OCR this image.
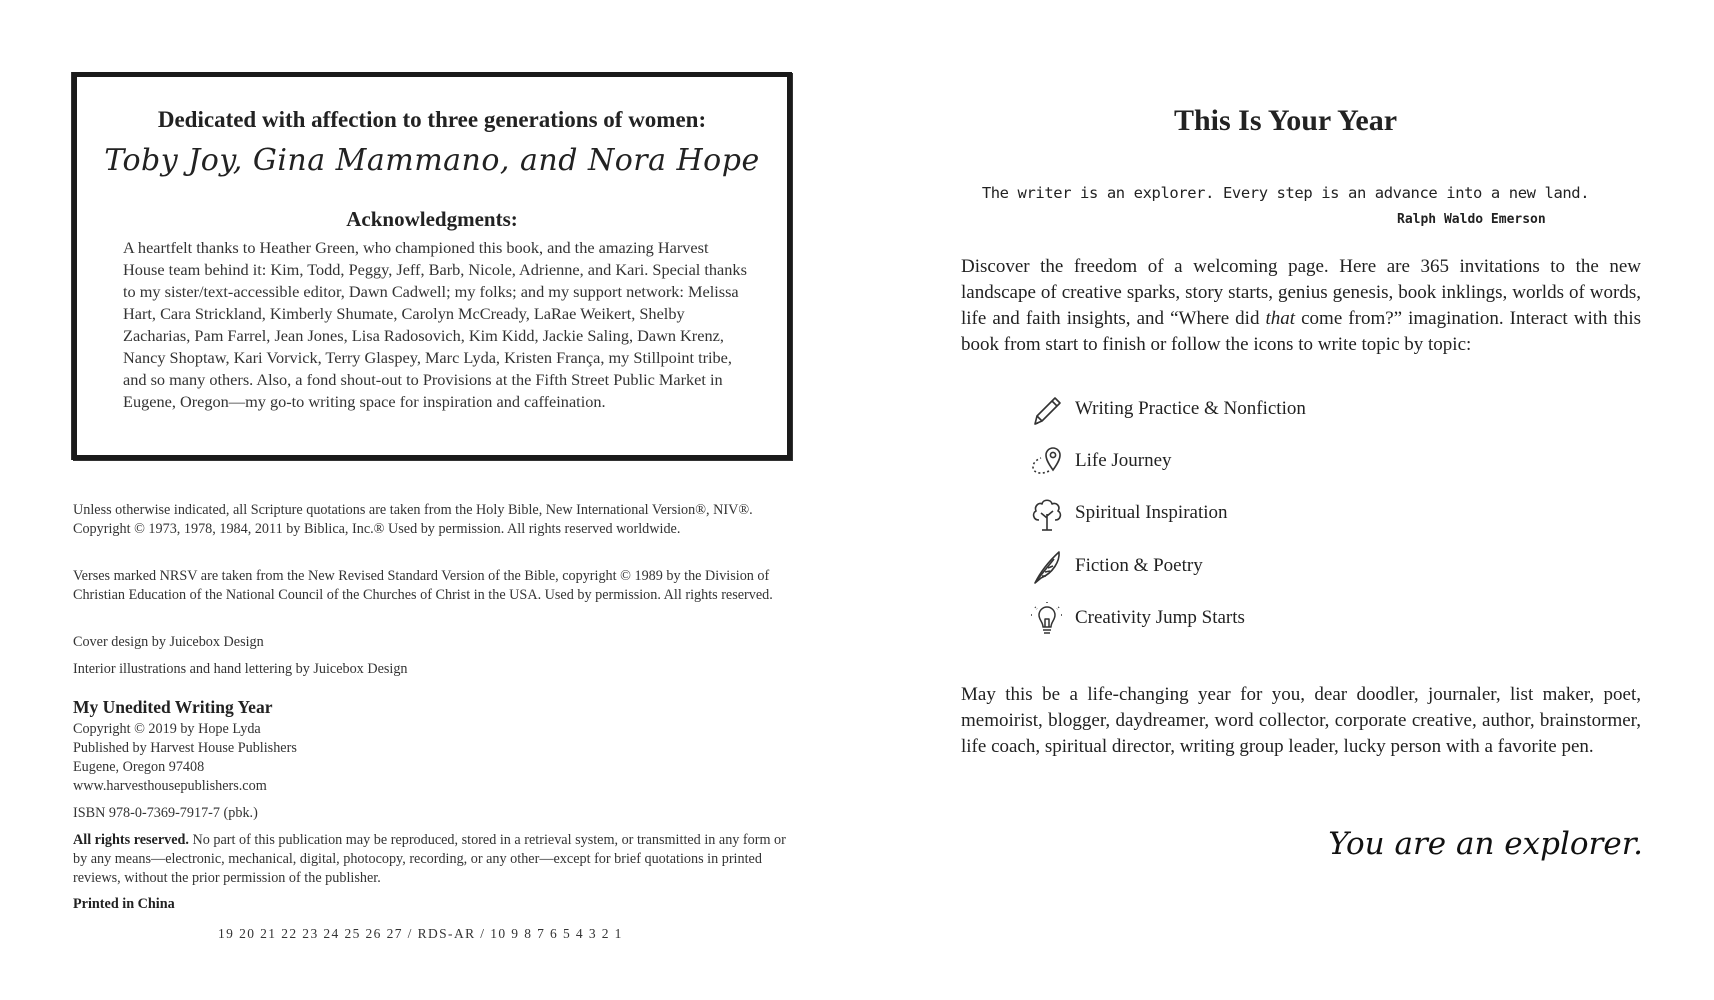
Dedicated with affection to three generations of women:
Toby Joy, Gina Mammano, and Nora Hope
Acknowledgments:
A heartfelt thanks to Heather Green, who championed this book, and the amazing Harvest House team behind it: Kim, Todd, Peggy, Jeff, Barb, Nicole, Adrienne, and Kari. Special thanks to my sister/text-accessible editor, Dawn Cadwell; my folks; and my support network: Melissa Hart, Cara Strickland, Kimberly Shumate, Carolyn McCready, LaRae Weikert, Shelby Zacharias, Pam Farrel, Jean Jones, Lisa Radosovich, Kim Kidd, Jackie Saling, Dawn Krenz, Nancy Shoptaw, Kari Vorvick, Terry Glaspey, Marc Lyda, Kristen França, my Stillpoint tribe, and so many others. Also, a fond shout-out to Provisions at the Fifth Street Public Market in Eugene, Oregon—my go-to writing space for inspiration and caffeination.
Unless otherwise indicated, all Scripture quotations are taken from the Holy Bible, New International Version®, NIV®. Copyright © 1973, 1978, 1984, 2011 by Biblica, Inc.® Used by permission. All rights reserved worldwide.
Verses marked NRSV are taken from the New Revised Standard Version of the Bible, copyright © 1989 by the Division of Christian Education of the National Council of the Churches of Christ in the USA. Used by permission. All rights reserved.
Cover design by Juicebox Design
Interior illustrations and hand lettering by Juicebox Design
My Unedited Writing Year
Copyright © 2019 by Hope Lyda
Published by Harvest House Publishers
Eugene, Oregon 97408
www.harvesthousepublishers.com
ISBN 978-0-7369-7917-7 (pbk.)
All rights reserved. No part of this publication may be reproduced, stored in a retrieval system, or transmitted in any form or by any means—electronic, mechanical, digital, photocopy, recording, or any other—except for brief quotations in printed reviews, without the prior permission of the publisher.
Printed in China
19 20 21 22 23 24 25 26 27 / RDS-AR / 10 9 8 7 6 5 4 3 2 1
This Is Your Year
The writer is an explorer. Every step is an advance into a new land.
Ralph Waldo Emerson
Discover the freedom of a welcoming page. Here are 365 invitations to the new landscape of creative sparks, story starts, genius genesis, book inklings, worlds of words, life and faith insights, and “Where did that come from?” imagination. Interact with this book from start to finish or follow the icons to write topic by topic:
Writing Practice & Nonfiction
Life Journey
Spiritual Inspiration
Fiction & Poetry
Creativity Jump Starts
May this be a life-changing year for you, dear doodler, journaler, list maker, poet, memoirist, blogger, daydreamer, word collector, corporate creative, author, brainstormer, life coach, spiritual director, writing group leader, lucky person with a favorite pen.
You are an explorer.
